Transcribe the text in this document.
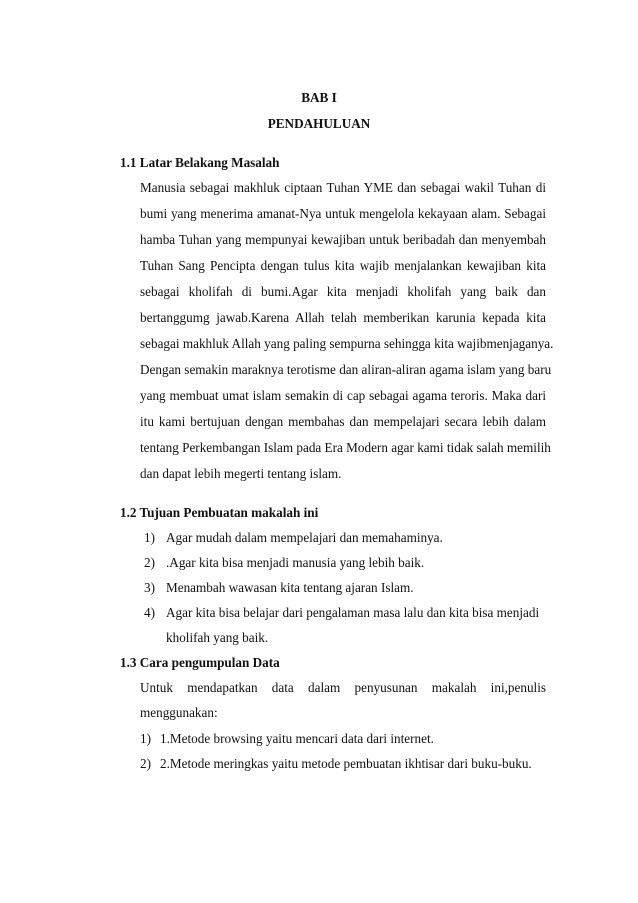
BAB I
PENDAHULUAN
1.1 Latar Belakang Masalah
Manusia sebagai makhluk ciptaan Tuhan YME dan sebagai wakil Tuhan di
bumi yang menerima amanat-Nya untuk mengelola kekayaan alam. Sebagai
hamba Tuhan yang mempunyai kewajiban untuk beribadah dan menyembah
Tuhan Sang Pencipta dengan tulus kita wajib menjalankan kewajiban kita
sebagai kholifah di bumi.Agar kita menjadi kholifah yang baik dan
bertanggumg jawab.Karena Allah telah memberikan karunia kepada kita
sebagai makhluk Allah yang paling sempurna sehingga kita wajibmenjaganya.
Dengan semakin maraknya terotisme dan aliran-aliran agama islam yang baru
yang membuat umat islam semakin di cap sebagai agama teroris. Maka dari
itu kami bertujuan dengan membahas dan mempelajari secara lebih dalam
tentang Perkembangan Islam pada Era Modern agar kami tidak salah memilih
dan dapat lebih megerti tentang islam.
1.2 Tujuan Pembuatan makalah ini
1) Agar mudah dalam mempelajari dan memahaminya.
2) .Agar kita bisa menjadi manusia yang lebih baik.
3) Menambah wawasan kita tentang ajaran Islam.
4) Agar kita bisa belajar dari pengalaman masa lalu dan kita bisa menjadi
kholifah yang baik.
1.3 Cara pengumpulan Data
Untuk mendapatkan data dalam penyusunan makalah ini,penulis
menggunakan:
1) 1.Metode browsing yaitu mencari data dari internet.
2) 2.Metode meringkas yaitu metode pembuatan ikhtisar dari buku-buku.
